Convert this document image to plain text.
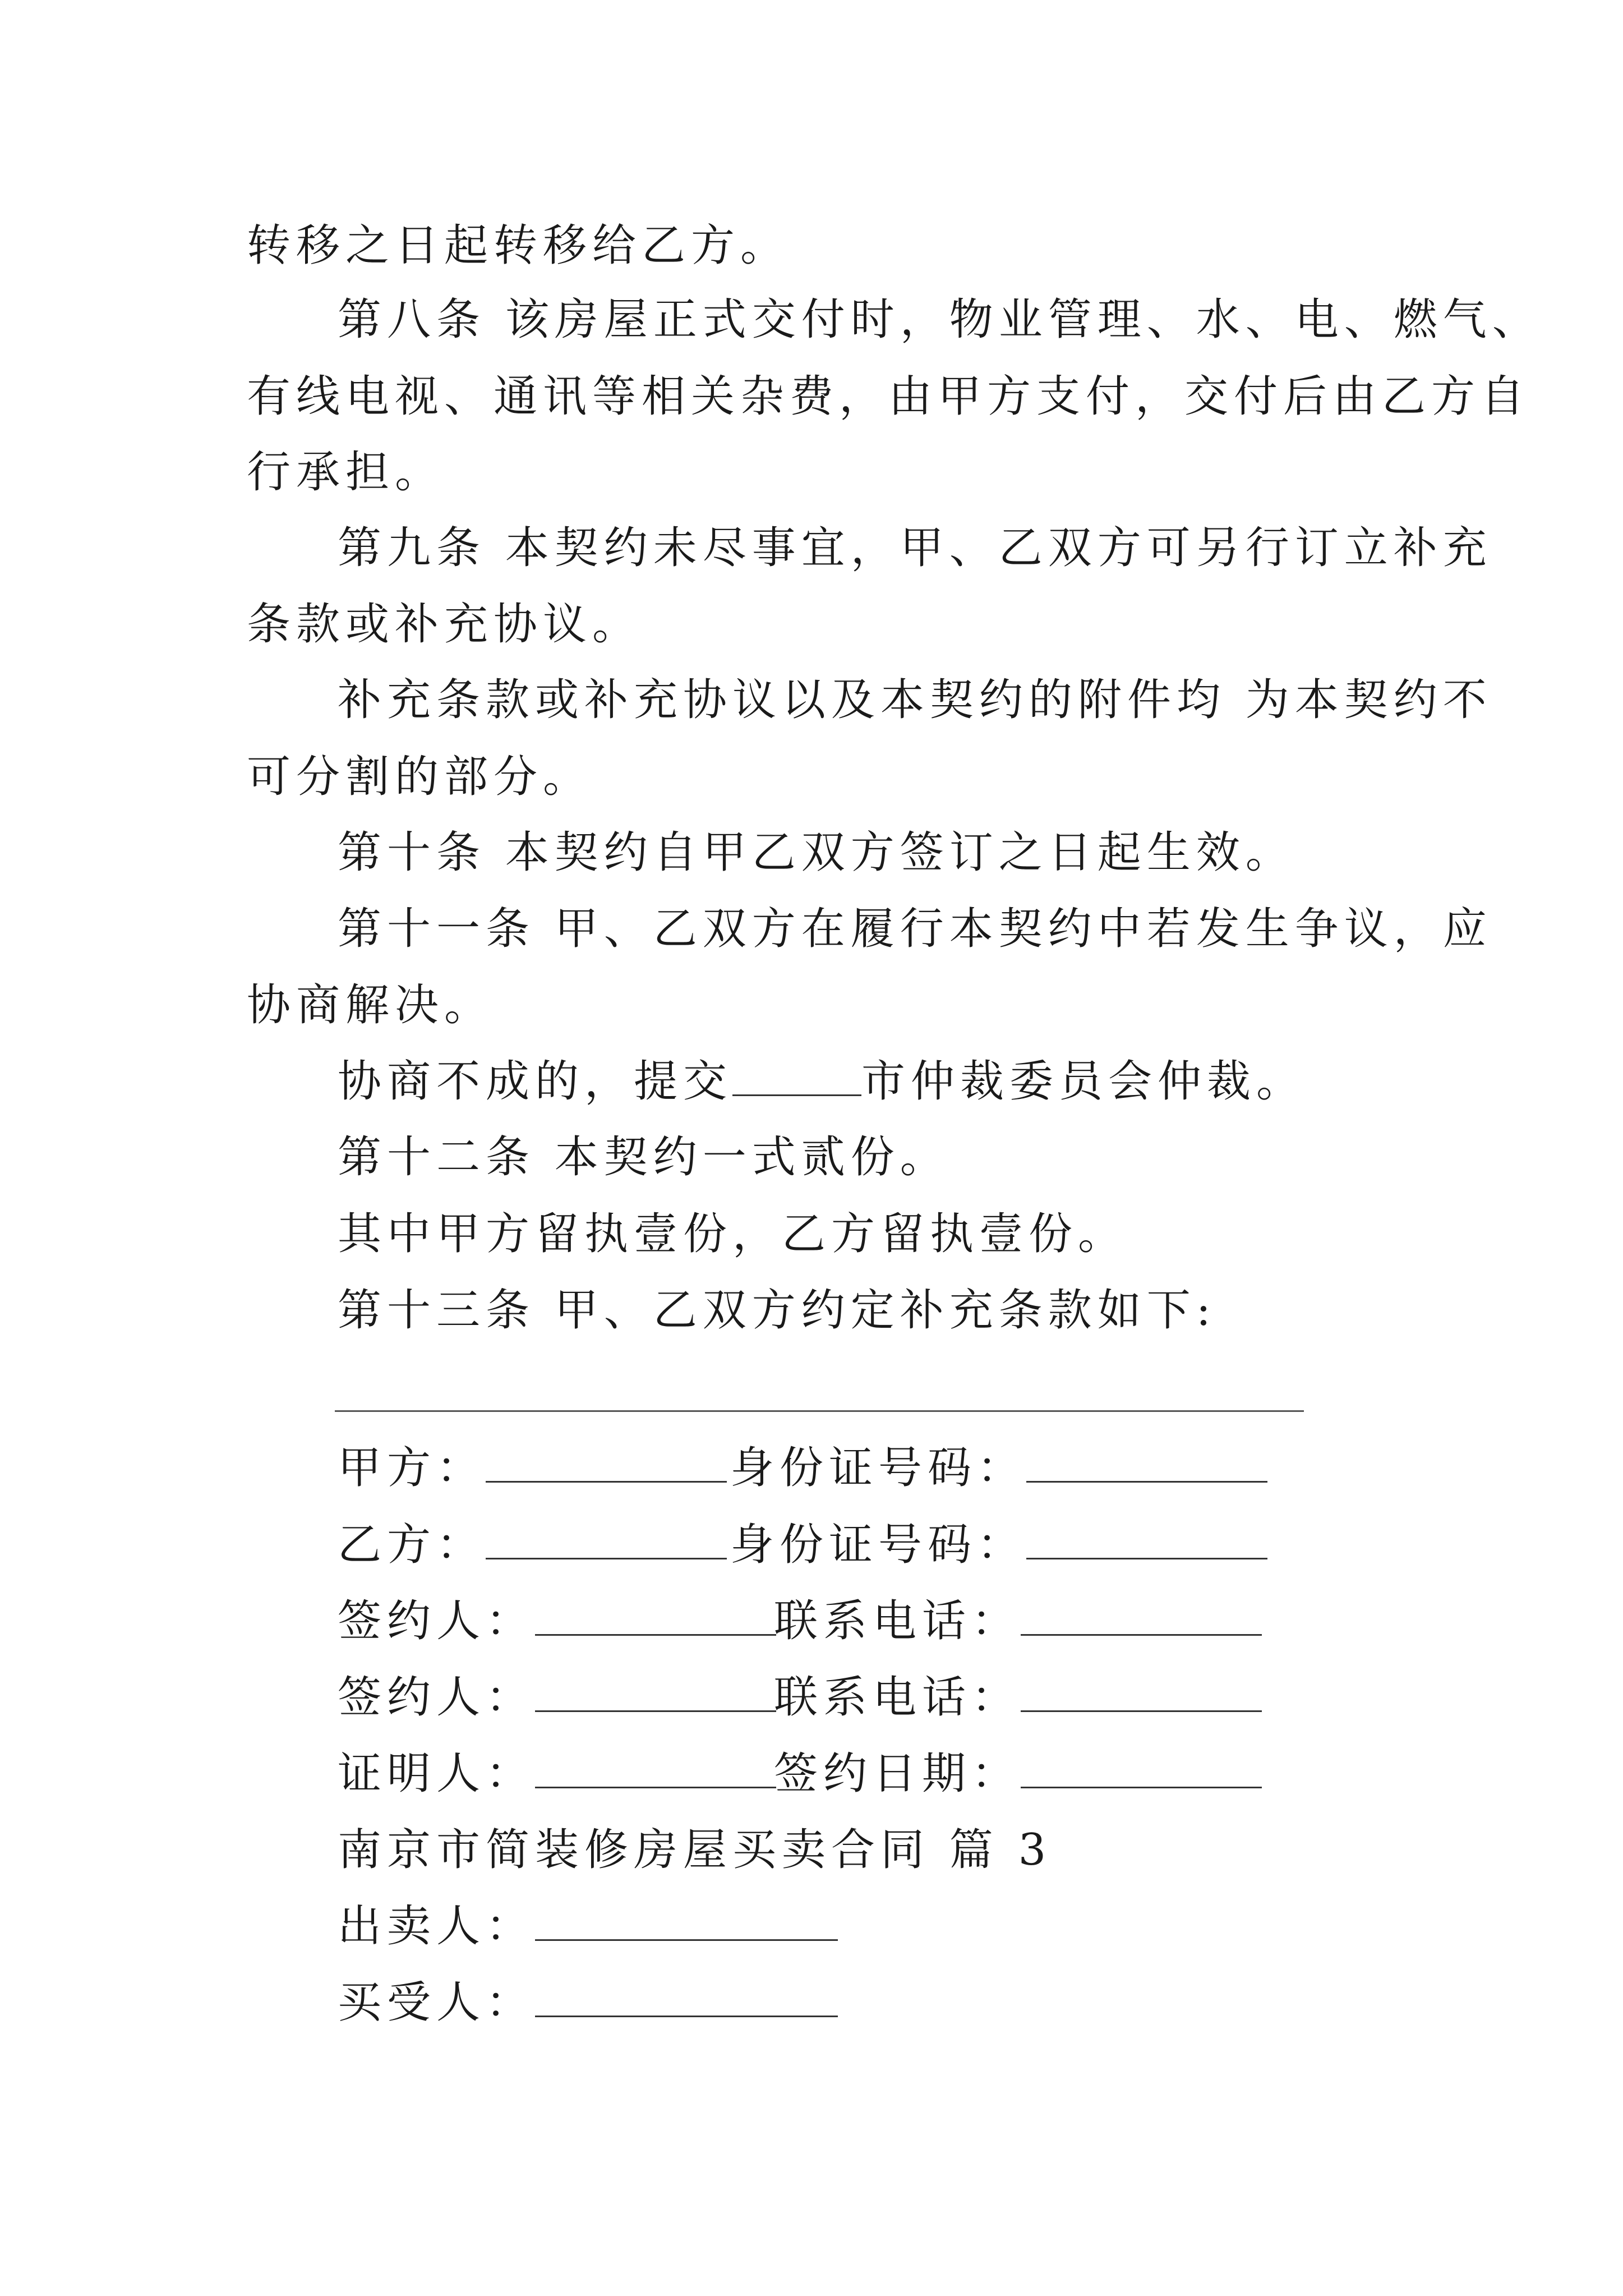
转移之日起转移给乙方。
第八条 该房屋正式交付时，物业管理、水、电、燃气、
有线电视、通讯等相关杂费，由甲方支付，交付后由乙方自
行承担。
第九条 本契约未尽事宜，甲、乙双方可另行订立补充
条款或补充协议。
补充条款或补充协议以及本契约的附件均 为本契约不
可分割的部分。
第十条 本契约自甲乙双方签订之日起生效。
第十一条 甲、乙双方在履行本契约中若发生争议，应
协商解决。
协商不成的，提交	市仲裁委员会仲裁。
第十二条 本契约一式贰份。
其中甲方留执壹份，乙方留执壹份。
第十三条 甲、乙双方约定补充条款如下:
甲方：	身份证号码：
乙方：	身份证号码：
签约人：	联系电话：
签约人：	联系电话：
证明人：	签约日期：
南京市简装修房屋买卖合同 篇 3
出卖人：
买受人：
